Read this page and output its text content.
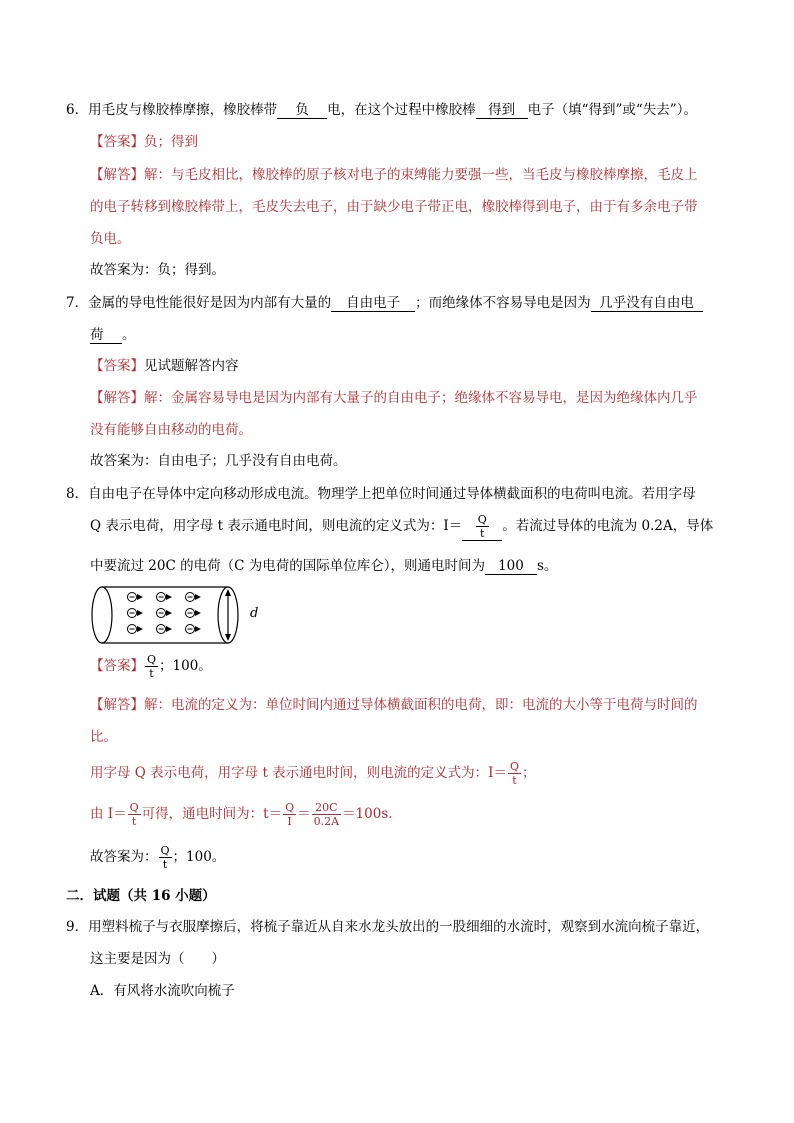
6．用毛皮与橡胶棒摩擦，橡胶棒带 负 电，在这个过程中橡胶棒 得到 电子（填“得到”或“失去”）。
【答案】负；得到
【解答】解：与毛皮相比，橡胶棒的原子核对电子的束缚能力要强一些，当毛皮与橡胶棒摩擦，毛皮上
的电子转移到橡胶棒带上，毛皮失去电子，由于缺少电子带正电，橡胶棒得到电子，由于有多余电子带
负电。
故答案为：负；得到。
7．金属的导电性能很好是因为内部有大量的 自由电子 ；而绝缘体不容易导电是因为 几乎没有自由电
荷 。
【答案】见试题解答内容
【解答】解：金属容易导电是因为内部有大量子的自由电子；绝缘体不容易导电，是因为绝缘体内几乎
没有能够自由移动的电荷。
故答案为：自由电子；几乎没有自由电荷。
8．自由电子在导体中定向移动形成电流。物理学上把单位时间通过导体横截面积的电荷叫电流。若用字母
Q 表示电荷，用字母 t 表示通电时间，则电流的定义式为：$I= \frac{Q}{t}$ 。若流过导体的电流为 0.2A，导体
中要流过 20C 的电荷（C 为电荷的国际单位库仑），则通电时间为 100 s。
d
【答案】 $\frac{Q}{t}$ ；100。
【解答】解：电流的定义为：单位时间内通过导体横截面积的电荷，即：电流的大小等于电荷与时间的
比。
用字母 Q 表示电荷，用字母 t 表示通电时间，则电流的定义式为：$I= \frac{Q}{t}$ ；
由 $I= \frac{Q}{t}$ 可得，通电时间为：$t= \frac{Q}{I} = \frac{20C}{0.2A} =100s$.
故答案为： $\frac{Q}{t}$ ；100。
二．试题（共 16 小题）
9．用塑料梳子与衣服摩擦后，将梳子靠近从自来水龙头放出的一股细细的水流时，观察到水流向梳子靠近，
这主要是因为（　　）
A．有风将水流吹向梳子
